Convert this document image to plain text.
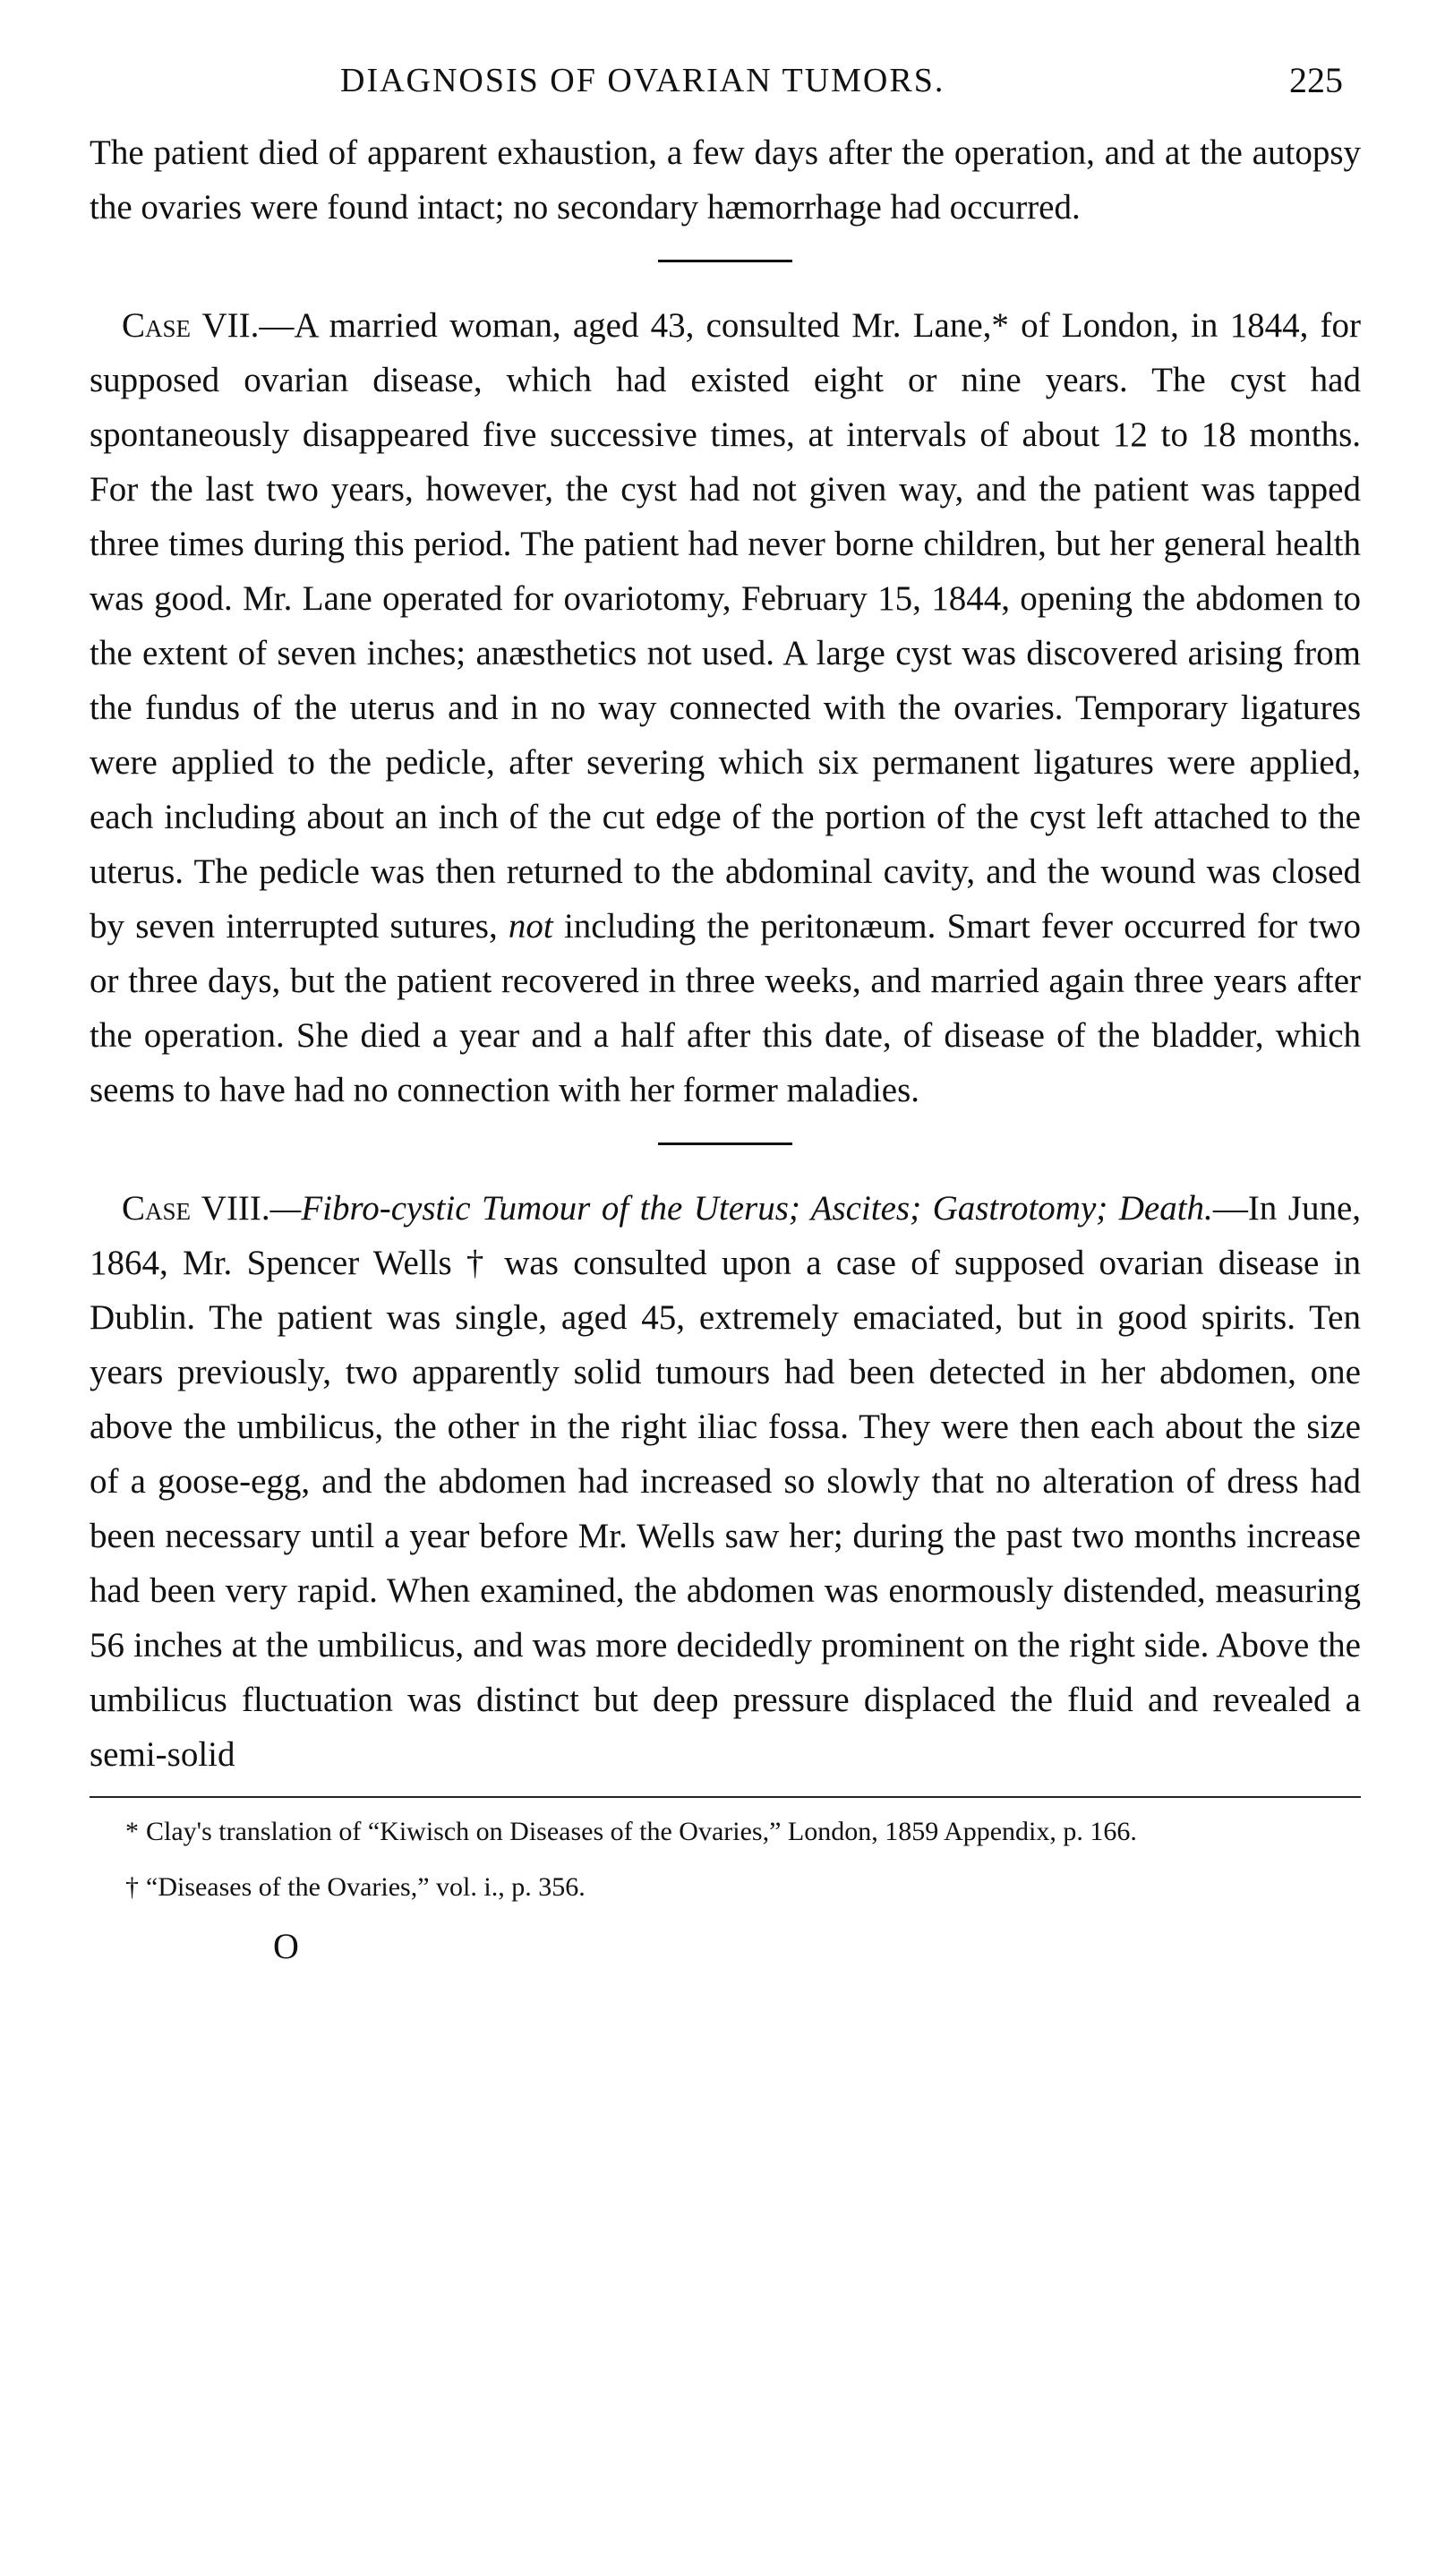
DIAGNOSIS OF OVARIAN TUMORS.	225

The patient died of apparent exhaustion, a few days after the operation, and at the autopsy the ovaries were found intact; no secondary hæmorrhage had occurred.

Case VII.—A married woman, aged 43, consulted Mr. Lane,* of London, in 1844, for supposed ovarian disease, which had existed eight or nine years. The cyst had spontaneously disappeared five successive times, at intervals of about 12 to 18 months. For the last two years, however, the cyst had not given way, and the patient was tapped three times during this period. The patient had never borne children, but her general health was good. Mr. Lane operated for ovariotomy, February 15, 1844, opening the abdomen to the extent of seven inches; anæsthetics not used. A large cyst was discovered arising from the fundus of the uterus and in no way connected with the ovaries. Temporary ligatures were applied to the pedicle, after severing which six permanent ligatures were applied, each including about an inch of the cut edge of the portion of the cyst left attached to the uterus. The pedicle was then returned to the abdominal cavity, and the wound was closed by seven interrupted sutures, not including the peritonæum. Smart fever occurred for two or three days, but the patient recovered in three weeks, and married again three years after the operation. She died a year and a half after this date, of disease of the bladder, which seems to have had no connection with her former maladies.

Case VIII.—Fibro-cystic Tumour of the Uterus; Ascites; Gastrotomy; Death.—In June, 1864, Mr. Spencer Wells † was consulted upon a case of supposed ovarian disease in Dublin. The patient was single, aged 45, extremely emaciated, but in good spirits. Ten years previously, two apparently solid tumours had been detected in her abdomen, one above the umbilicus, the other in the right iliac fossa. They were then each about the size of a goose-egg, and the abdomen had increased so slowly that no alteration of dress had been necessary until a year before Mr. Wells saw her; during the past two months increase had been very rapid. When examined, the abdomen was enormously distended, measuring 56 inches at the umbilicus, and was more decidedly prominent on the right side. Above the umbilicus fluctuation was distinct but deep pressure displaced the fluid and revealed a semi-solid

* Clay's translation of “Kiwisch on Diseases of the Ovaries,” London, 1859 Appendix, p. 166.

† “Diseases of the Ovaries,” vol. i., p. 356.

O
